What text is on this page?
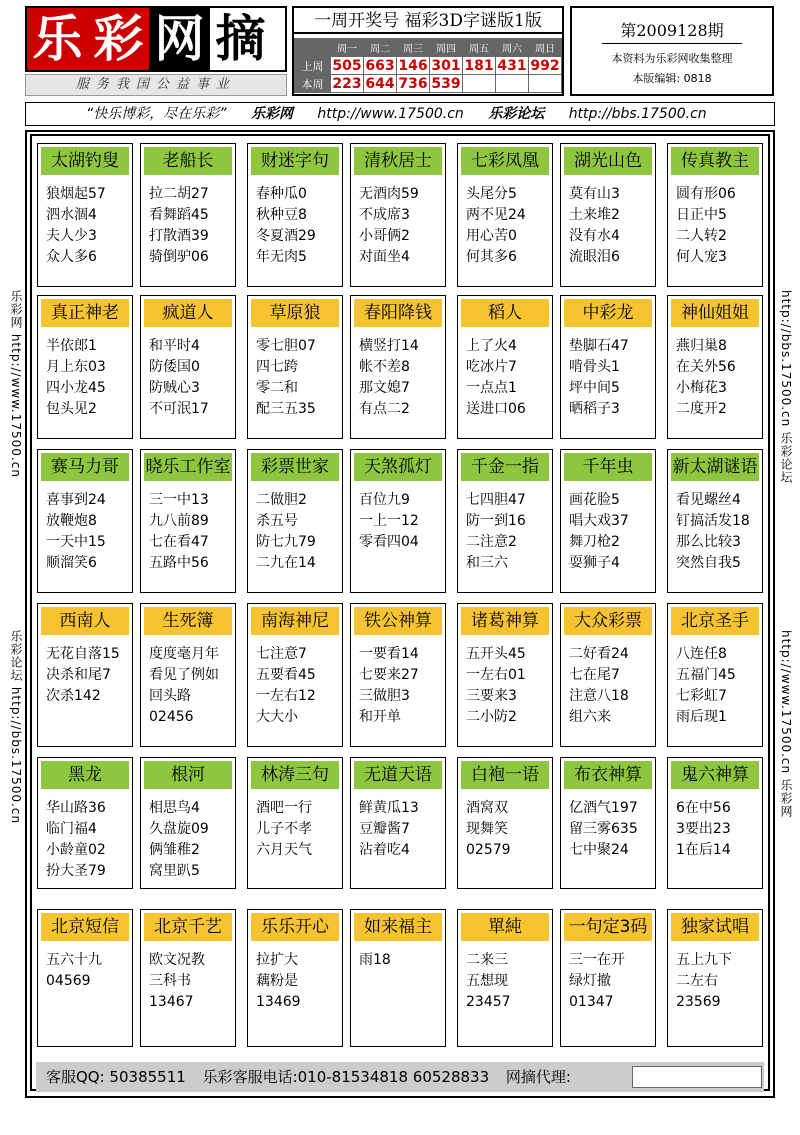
乐 彩 网 摘
服务我国公益事业
一周开奖号 福彩3D字谜版1版
	周一	周二	周三	周四	周五	周六	周日
上周	505	663	146	301	181	431	992
本周	223	644	736	539			
第2009128期
本资料为乐彩网收集整理
本版编辑: 0818
“快乐博彩，尽在乐彩” 乐彩网 http://www.17500.cn 乐彩论坛 http://bbs.17500.cn
乐彩网 http://www.17500.cn
乐彩论坛 http://bbs.17500.cn
http://bbs.17500.cn 乐彩论坛
http://www.17500.cn 乐彩网
太湖钓叟
狼烟起57
泗水涸4
夫人少3
众人多6
老船长
拉二胡27
看舞蹈45
打散酒39
骑倒驴06
财迷字句
春种瓜0
秋种豆8
冬夏酒29
年无肉5
清秋居士
无酒肉59
不成席3
小哥俩2
对面坐4
七彩凤凰
头尾分5
两不见24
用心苦0
何其多6
湖光山色
莫有山3
土来堆2
没有水4
流眼泪6
传真教主
圆有形06
日正中5
二人转2
何人宠3
真正神老
半依郎1
月上东03
四小龙45
包头见2
疯道人
和平时4
防倭国0
防贼心3
不可泯17
草原狼
零七胆07
四七跨
零二和
配三五35
春阳降钱
横竖打14
帐不差8
那文媳7
有点二2
稻人
上了火4
吃冰片7
一点点1
送进口06
中彩龙
垫脚石47
啃骨头1
坪中间5
晒稻子3
神仙姐姐
燕归巢8
在关外56
小梅花3
二度开2
赛马力哥
喜事到24
放鞭炮8
一天中15
顺溜笑6
晓乐工作室
三一中13
九八前89
七在看47
五路中56
彩票世家
二做胆2
杀五号
防七九79
二九在14
天煞孤灯
百位九9
一上一12
零看四04
千金一指
七四胆47
防一到16
二注意2
和三六
千年虫
画花脸5
唱大戏37
舞刀枪2
耍狮子4
新太湖谜语
看见螺丝4
钉搞活发18
那么比较3
突然自我5
西南人
无花自落15
决杀和尾7
次杀142
生死簿
度度毫月年
看见了例如
回头路
02456
南海神尼
七注意7
五要看45
一左右12
大大小
铁公神算
一要看14
七要来27
三做胆3
和开单
诸葛神算
五开头45
一左右01
三要来3
二小防2
大众彩票
二好看24
七在尾7
注意八18
组六来
北京圣手
八连任8
五福门45
七彩虹7
雨后现1
黑龙
华山路36
临门福4
小龄童02
扮大圣79
根河
相思鸟4
久盘旋09
俩雏稚2
窝里趴5
林涛三句
酒吧一行
儿子不孝
六月天气
无道天语
鲜黄瓜13
豆瓣酱7
沾着吃4
白袍一语
酒窝双
现舞笑
02579
布衣神算
亿酒气197
留三雾635
七中聚24
鬼六神算
6在中56
3要出23
1在后14
北京短信
五六十九
04569
北京千艺
欧文况教
三科书
13467
乐乐开心
拉扩大
藕粉是
13469
如来福主
雨18
單純
二来三
五想现
23457
一句定3码
三一在开
绿灯撤
01347
独家试唱
五上九下
二左右
23569
客服QQ: 50385511 乐彩客服电话:010-81534818 60528833 网摘代理:
